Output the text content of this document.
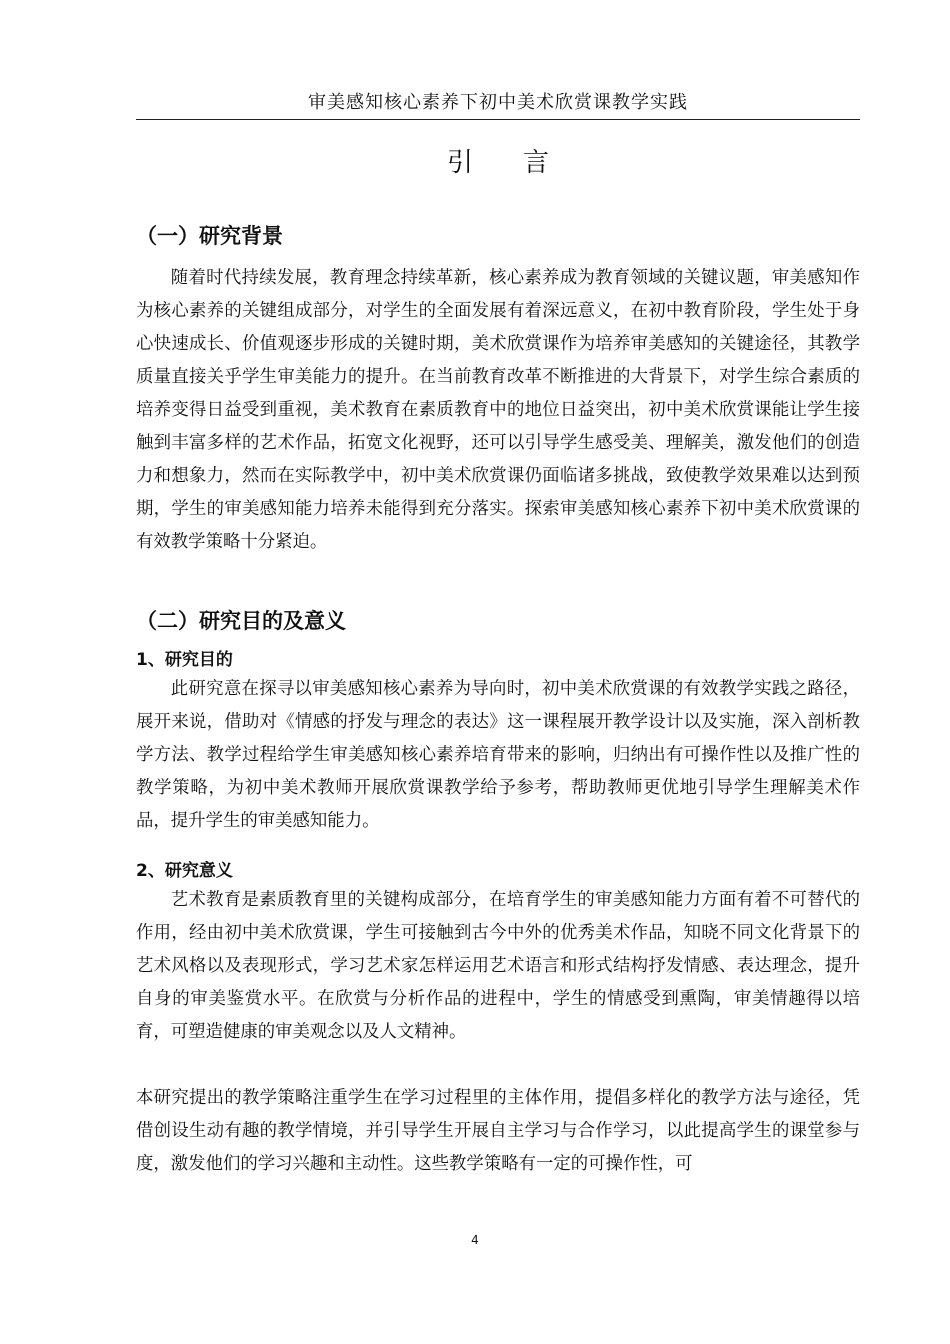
审美感知核心素养下初中美术欣赏课教学实践
引言
（一）研究背景

随着时代持续发展，教育理念持续革新，核心素养成为教育领域的关键议题，审美感知作为核心素养的关键组成部分，对学生的全面发展有着深远意义，在初中教育阶段，学生处于身心快速成长、价值观逐步形成的关键时期，美术欣赏课作为培养审美感知的关键途径，其教学质量直接关乎学生审美能力的提升。在当前教育改革不断推进的大背景下，对学生综合素质的培养变得日益受到重视，美术教育在素质教育中的地位日益突出，初中美术欣赏课能让学生接触到丰富多样的艺术作品，拓宽文化视野，还可以引导学生感受美、理解美，激发他们的创造力和想象力，然而在实际教学中，初中美术欣赏课仍面临诸多挑战，致使教学效果难以达到预期，学生的审美感知能力培养未能得到充分落实。探索审美感知核心素养下初中美术欣赏课的有效教学策略十分紧迫。

（二）研究目的及意义
1、研究目的

此研究意在探寻以审美感知核心素养为导向时，初中美术欣赏课的有效教学实践之路径，展开来说，借助对《情感的抒发与理念的表达》这一课程展开教学设计以及实施，深入剖析教学方法、教学过程给学生审美感知核心素养培育带来的影响，归纳出有可操作性以及推广性的教学策略，为初中美术教师开展欣赏课教学给予参考，帮助教师更优地引导学生理解美术作品，提升学生的审美感知能力。

2、研究意义

艺术教育是素质教育里的关键构成部分，在培育学生的审美感知能力方面有着不可替代的作用，经由初中美术欣赏课，学生可接触到古今中外的优秀美术作品，知晓不同文化背景下的艺术风格以及表现形式，学习艺术家怎样运用艺术语言和形式结构抒发情感、表达理念，提升自身的审美鉴赏水平。在欣赏与分析作品的进程中，学生的情感受到熏陶，审美情趣得以培育，可塑造健康的审美观念以及人文精神。

本研究提出的教学策略注重学生在学习过程里的主体作用，提倡多样化的教学方法与途径，凭借创设生动有趣的教学情境，并引导学生开展自主学习与合作学习，以此提高学生的课堂参与度，激发他们的学习兴趣和主动性。这些教学策略有一定的可操作性，可

4
